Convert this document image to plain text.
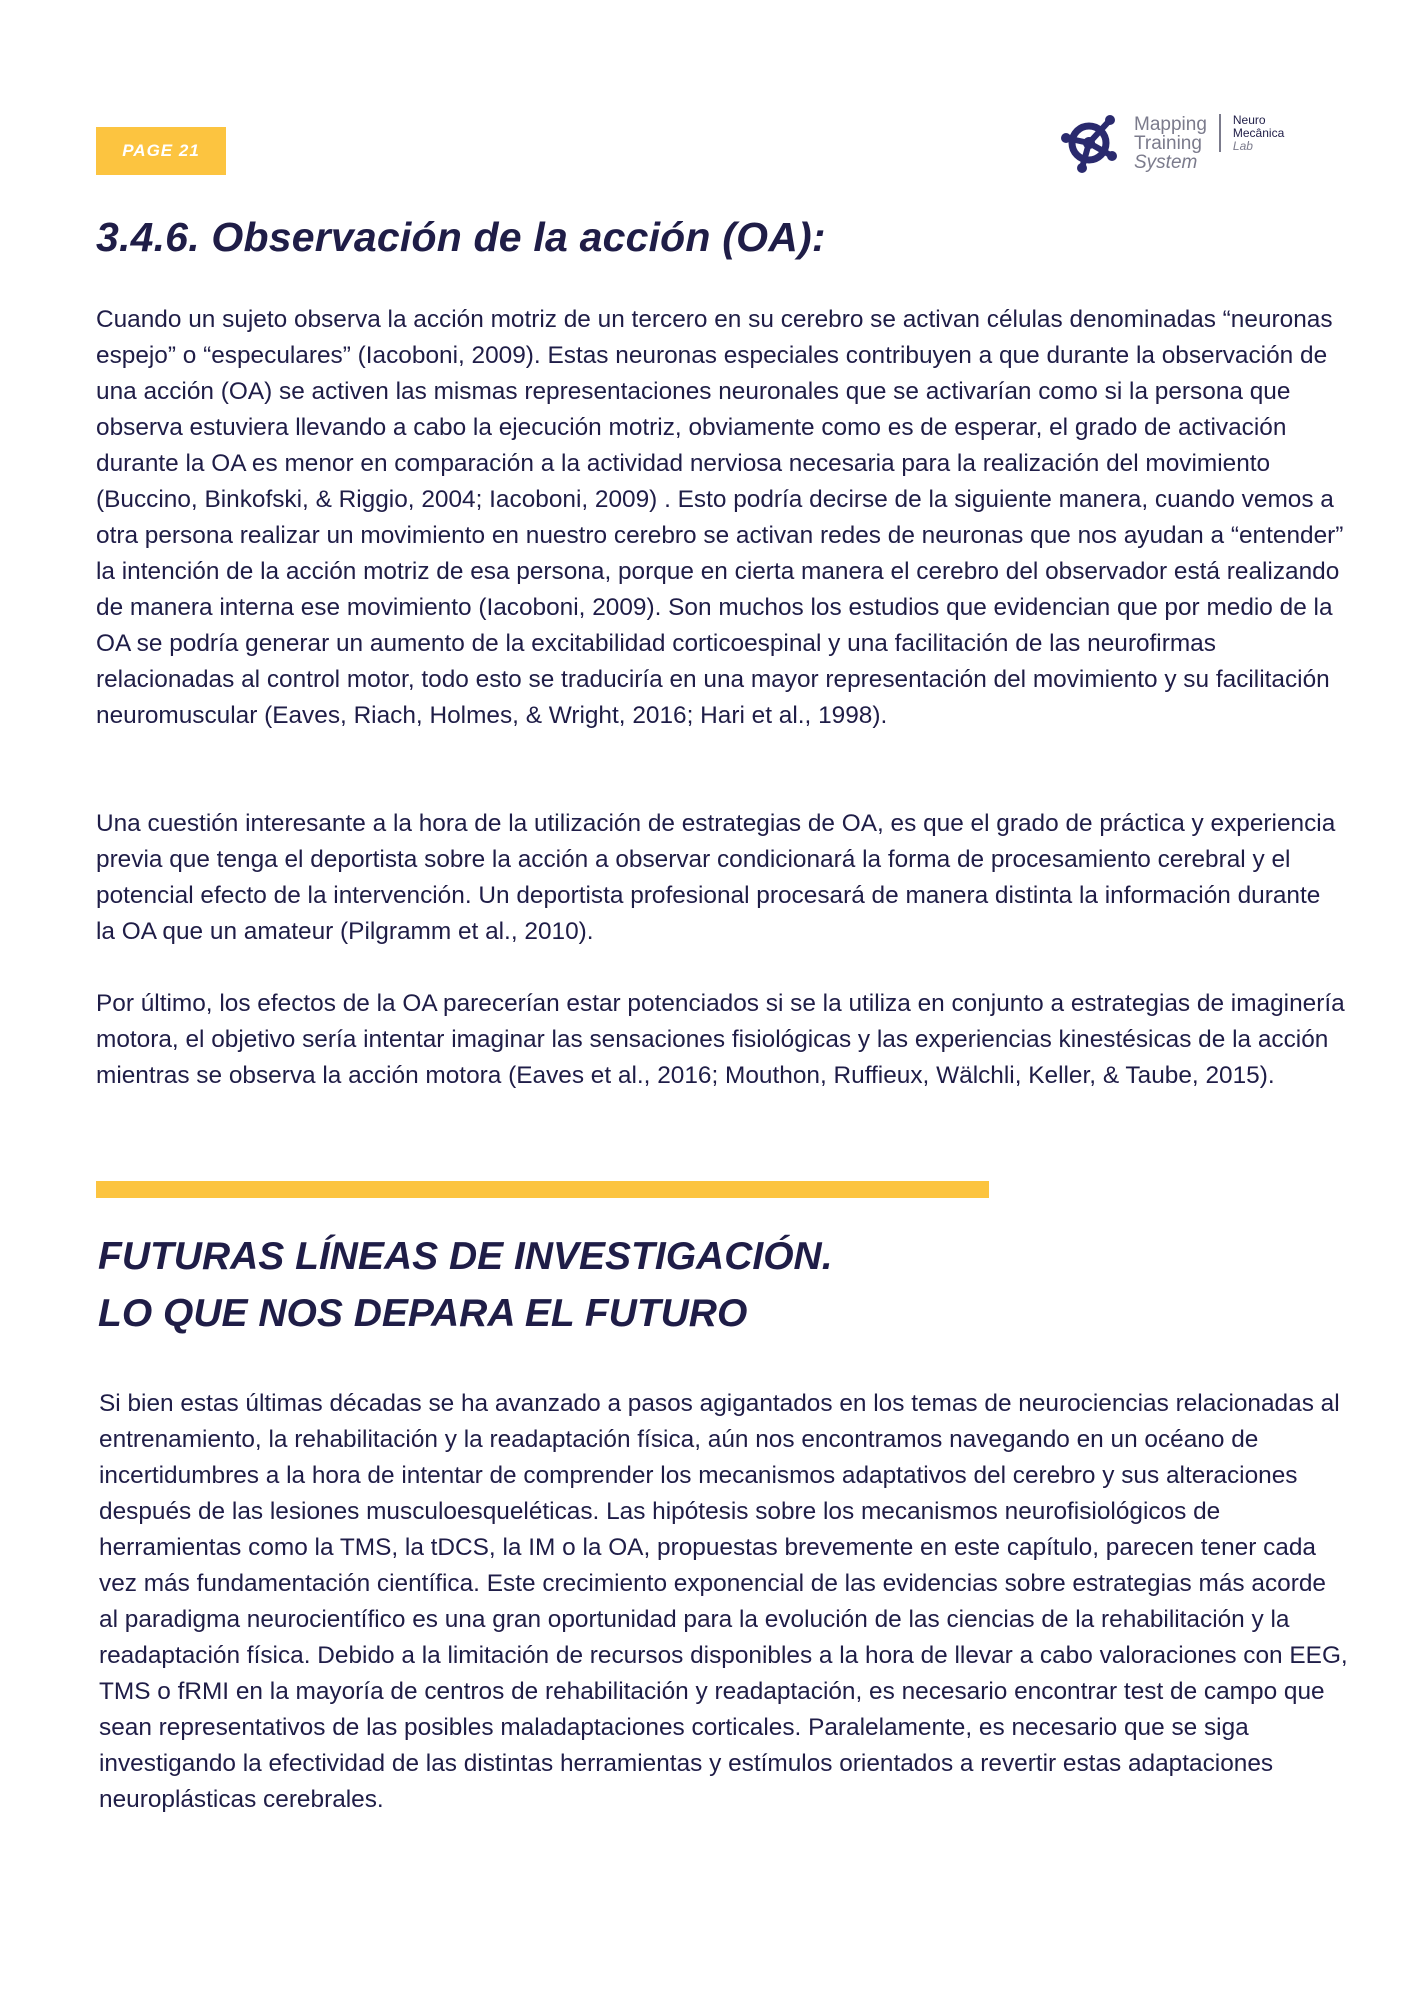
PAGE 21
Mapping
Training
System
Neuro
Mecânica
Lab
3.4.6. Observación de la acción (OA):

Cuando un sujeto observa la acción motriz de un tercero en su cerebro se activan células denominadas “neuronas espejo” o “especulares” (Iacoboni, 2009). Estas neuronas especiales contribuyen a que durante la observación de una acción (OA) se activen las mismas representaciones neuronales que se activarían como si la persona que observa estuviera llevando a cabo la ejecución motriz, obviamente como es de esperar, el grado de activación durante la OA es menor en comparación a la actividad nerviosa necesaria para la realización del movimiento (Buccino, Binkofski, & Riggio, 2004; Iacoboni, 2009) . Esto podría decirse de la siguiente manera, cuando vemos a otra persona realizar un movimiento en nuestro cerebro se activan redes de neuronas que nos ayudan a “entender” la intención de la acción motriz de esa persona, porque en cierta manera el cerebro del observador está realizando de manera interna ese movimiento (Iacoboni, 2009). Son muchos los estudios que evidencian que por medio de la OA se podría generar un aumento de la excitabilidad corticoespinal y una facilitación de las neurofirmas relacionadas al control motor, todo esto se traduciría en una mayor representación del movimiento y su facilitación neuromuscular (Eaves, Riach, Holmes, & Wright, 2016; Hari et al., 1998).

Una cuestión interesante a la hora de la utilización de estrategias de OA, es que el grado de práctica y experiencia previa que tenga el deportista sobre la acción a observar condicionará la forma de procesamiento cerebral y el potencial efecto de la intervención. Un deportista profesional procesará de manera distinta la información durante la OA que un amateur (Pilgramm et al., 2010).

Por último, los efectos de la OA parecerían estar potenciados si se la utiliza en conjunto a estrategias de imaginería motora, el objetivo sería intentar imaginar las sensaciones fisiológicas y las experiencias kinestésicas de la acción mientras se observa la acción motora (Eaves et al., 2016; Mouthon, Ruffieux, Wälchli, Keller, & Taube, 2015).

FUTURAS LÍNEAS DE INVESTIGACIÓN.
LO QUE NOS DEPARA EL FUTURO

Si bien estas últimas décadas se ha avanzado a pasos agigantados en los temas de neurociencias relacionadas al entrenamiento, la rehabilitación y la readaptación física, aún nos encontramos navegando en un océano de incertidumbres a la hora de intentar de comprender los mecanismos adaptativos del cerebro y sus alteraciones después de las lesiones musculoesqueléticas. Las hipótesis sobre los mecanismos neurofisiológicos de herramientas como la TMS, la tDCS, la IM o la OA, propuestas brevemente en este capítulo, parecen tener cada vez más fundamentación científica. Este crecimiento exponencial de las evidencias sobre estrategias más acorde al paradigma neurocientífico es una gran oportunidad para la evolución de las ciencias de la rehabilitación y la readaptación física. Debido a la limitación de recursos disponibles a la hora de llevar a cabo valoraciones con EEG, TMS o fRMI en la mayoría de centros de rehabilitación y readaptación, es necesario encontrar test de campo que sean representativos de las posibles maladaptaciones corticales. Paralelamente, es necesario que se siga investigando la efectividad de las distintas herramientas y estímulos orientados a revertir estas adaptaciones neuroplásticas cerebrales.
